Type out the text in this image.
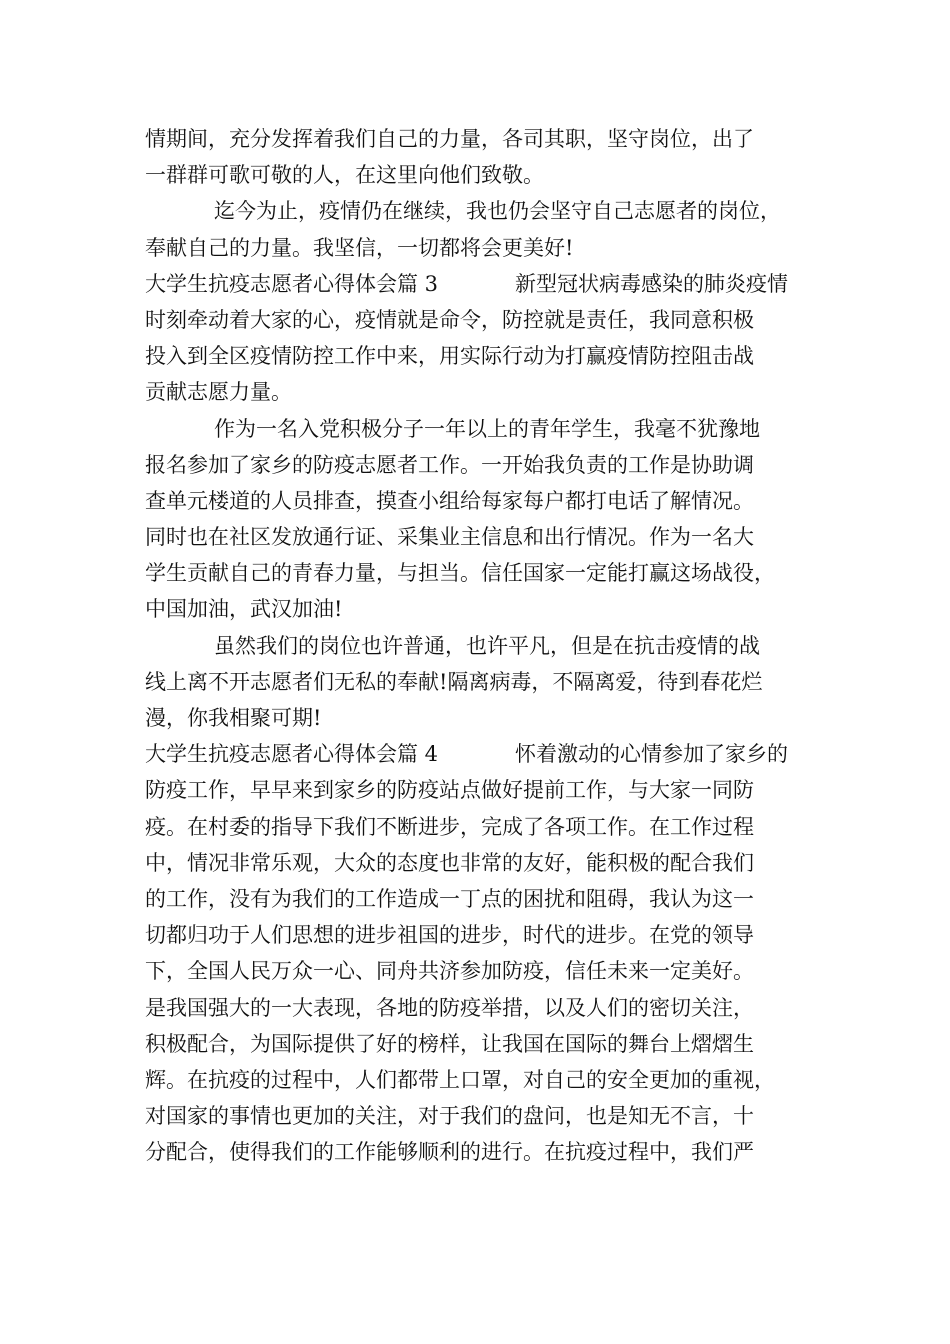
情期间，充分发挥着我们自己的力量，各司其职，坚守岗位，出了
一群群可歌可敬的人，在这里向他们致敬。
迄今为止，疫情仍在继续，我也仍会坚守自己志愿者的岗位，
奉献自己的力量。我坚信，一切都将会更美好!
大学生抗疫志愿者心得体会篇 3	新型冠状病毒感染的肺炎疫情
时刻牵动着大家的心，疫情就是命令，防控就是责任，我同意积极
投入到全区疫情防控工作中来，用实际行动为打赢疫情防控阻击战
贡献志愿力量。
作为一名入党积极分子一年以上的青年学生，我毫不犹豫地
报名参加了家乡的防疫志愿者工作。一开始我负责的工作是协助调
查单元楼道的人员排查，摸查小组给每家每户都打电话了解情况。
同时也在社区发放通行证、采集业主信息和出行情况。作为一名大
学生贡献自己的青春力量，与担当。信任国家一定能打赢这场战役，
中国加油，武汉加油!
虽然我们的岗位也许普通，也许平凡，但是在抗击疫情的战
线上离不开志愿者们无私的奉献!隔离病毒，不隔离爱，待到春花烂
漫，你我相聚可期!
大学生抗疫志愿者心得体会篇 4	怀着激动的心情参加了家乡的
防疫工作，早早来到家乡的防疫站点做好提前工作，与大家一同防
疫。在村委的指导下我们不断进步，完成了各项工作。在工作过程
中，情况非常乐观，大众的态度也非常的友好，能积极的配合我们
的工作，没有为我们的工作造成一丁点的困扰和阻碍，我认为这一
切都归功于人们思想的进步祖国的进步，时代的进步。在党的领导
下，全国人民万众一心、同舟共济参加防疫，信任未来一定美好。
是我国强大的一大表现，各地的防疫举措，以及人们的密切关注，
积极配合，为国际提供了好的榜样，让我国在国际的舞台上熠熠生
辉。在抗疫的过程中，人们都带上口罩，对自己的安全更加的重视，
对国家的事情也更加的关注，对于我们的盘问，也是知无不言，十
分配合，使得我们的工作能够顺利的进行。在抗疫过程中，我们严
